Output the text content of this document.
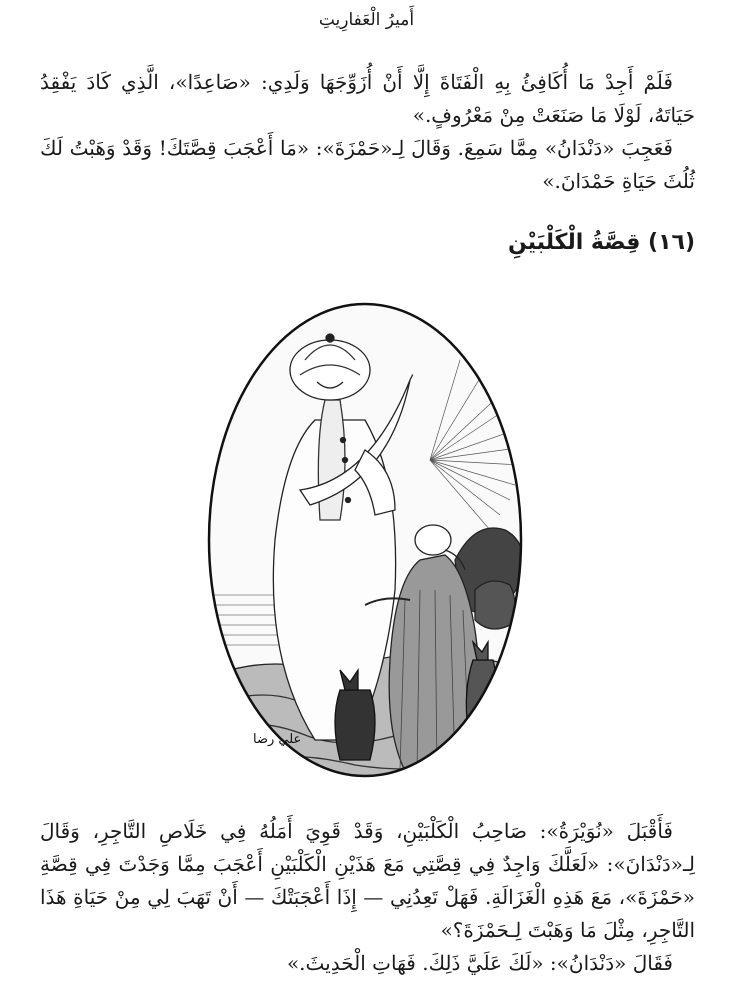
أَميرُ الْعَفارِيتِ

فَلَمْ أَجِدْ مَا أُكَافِئُ بِهِ الْفَتَاةَ إِلَّا أَنْ أُزَوِّجَهَا وَلَدِي: «صَاعِدًا»، الَّذِي كَادَ يَفْقِدُ حَيَاتَهُ، لَوْلَا مَا صَنَعَتْ مِنْ مَعْرُوفٍ.»

فَعَجِبَ «دَنْدَانُ» مِمَّا سَمِعَ. وَقَالَ لِـ«حَمْزَةَ»: «مَا أَعْجَبَ قِصَّتَكَ! وَقَدْ وَهَبْتُ لَكَ ثُلُثَ حَيَاةِ حَمْدَانَ.»

(١٦) قِصَّةُ الْكَلْبَيْنِ
علي رضا

فَأَقْبَلَ «نُوَيْرَةُ»: صَاحِبُ الْكَلْبَيْنِ، وَقَدْ قَوِيَ أَمَلُهُ فِي خَلَاصِ التَّاجِرِ، وَقَالَ لِـ«دَنْدَانَ»: «لَعَلَّكَ وَاجِدٌ فِي قِصَّتِي مَعَ هَذَيْنِ الْكَلْبَيْنِ أَعْجَبَ مِمَّا وَجَدْتَ فِي قِصَّةِ «حَمْزَةَ»، مَعَ هَذِهِ الْغَزَالَةِ. فَهَلْ تَعِدُنِي — إِذَا أَعْجَبَتْكَ — أَنْ تَهَبَ لِي مِنْ حَيَاةِ هَذَا التَّاجِرِ، مِثْلَ مَا وَهَبْتَ لِـحَمْزَةَ؟»

فَقَالَ «دَنْدَانُ»: «لَكَ عَلَيَّ ذَلِكَ. فَهَاتِ الْحَدِيثَ.»
